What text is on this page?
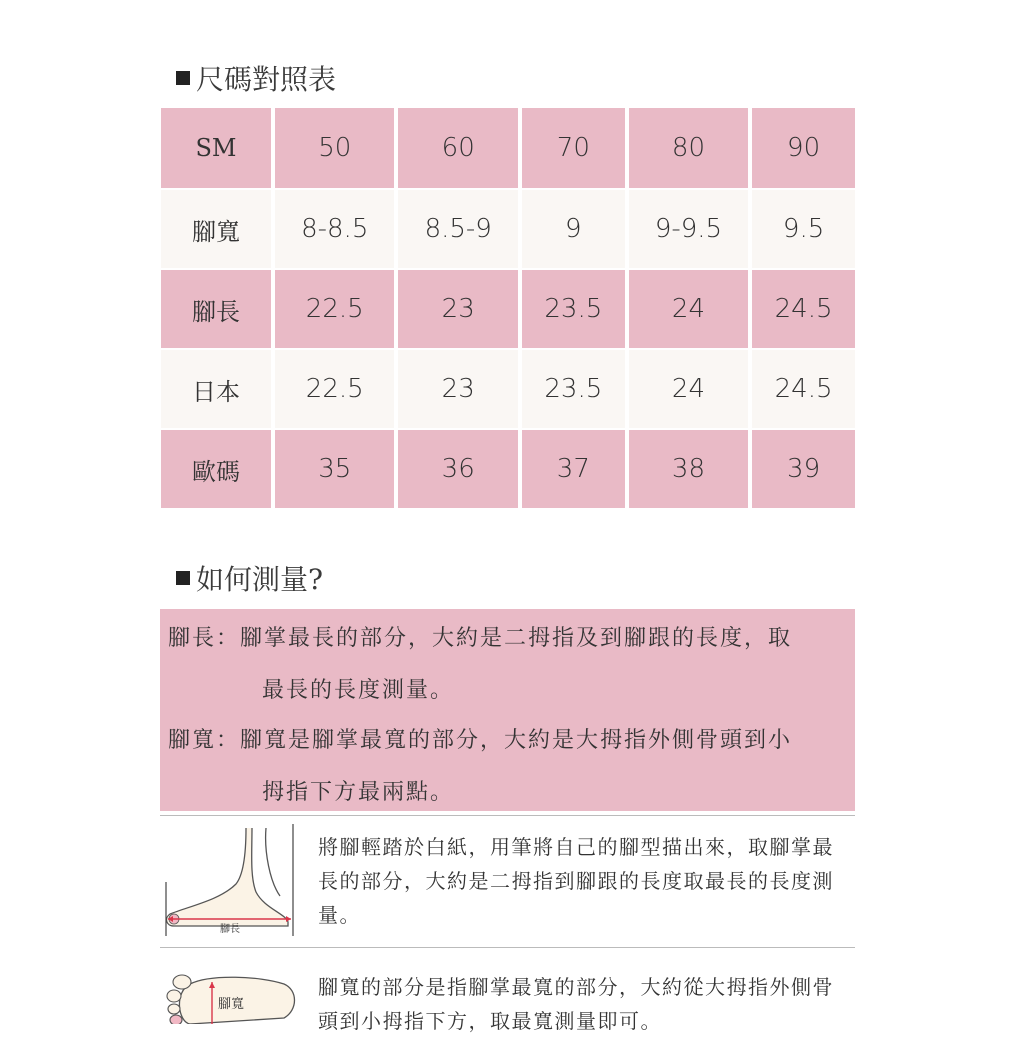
尺碼對照表
SM	50	60	70	80	90
腳寬	8-8.5	8.5-9	9	9-9.5	9.5
腳長	22.5	23	23.5	24	24.5
日本	22.5	23	23.5	24	24.5
歐碼	35	36	37	38	39
如何測量?
腳長：腳掌最長的部分，大約是二拇指及到腳跟的長度，取
最長的長度測量。
腳寬：腳寬是腳掌最寬的部分，大約是大拇指外側骨頭到小
拇指下方最兩點。
腳長
將腳輕踏於白紙，用筆將自己的腳型描出來，取腳掌最長的部分，大約是二拇指到腳跟的長度取最長的長度測量。
腳寬
腳寬的部分是指腳掌最寬的部分，大約從大拇指外側骨頭到小拇指下方，取最寬測量即可。
